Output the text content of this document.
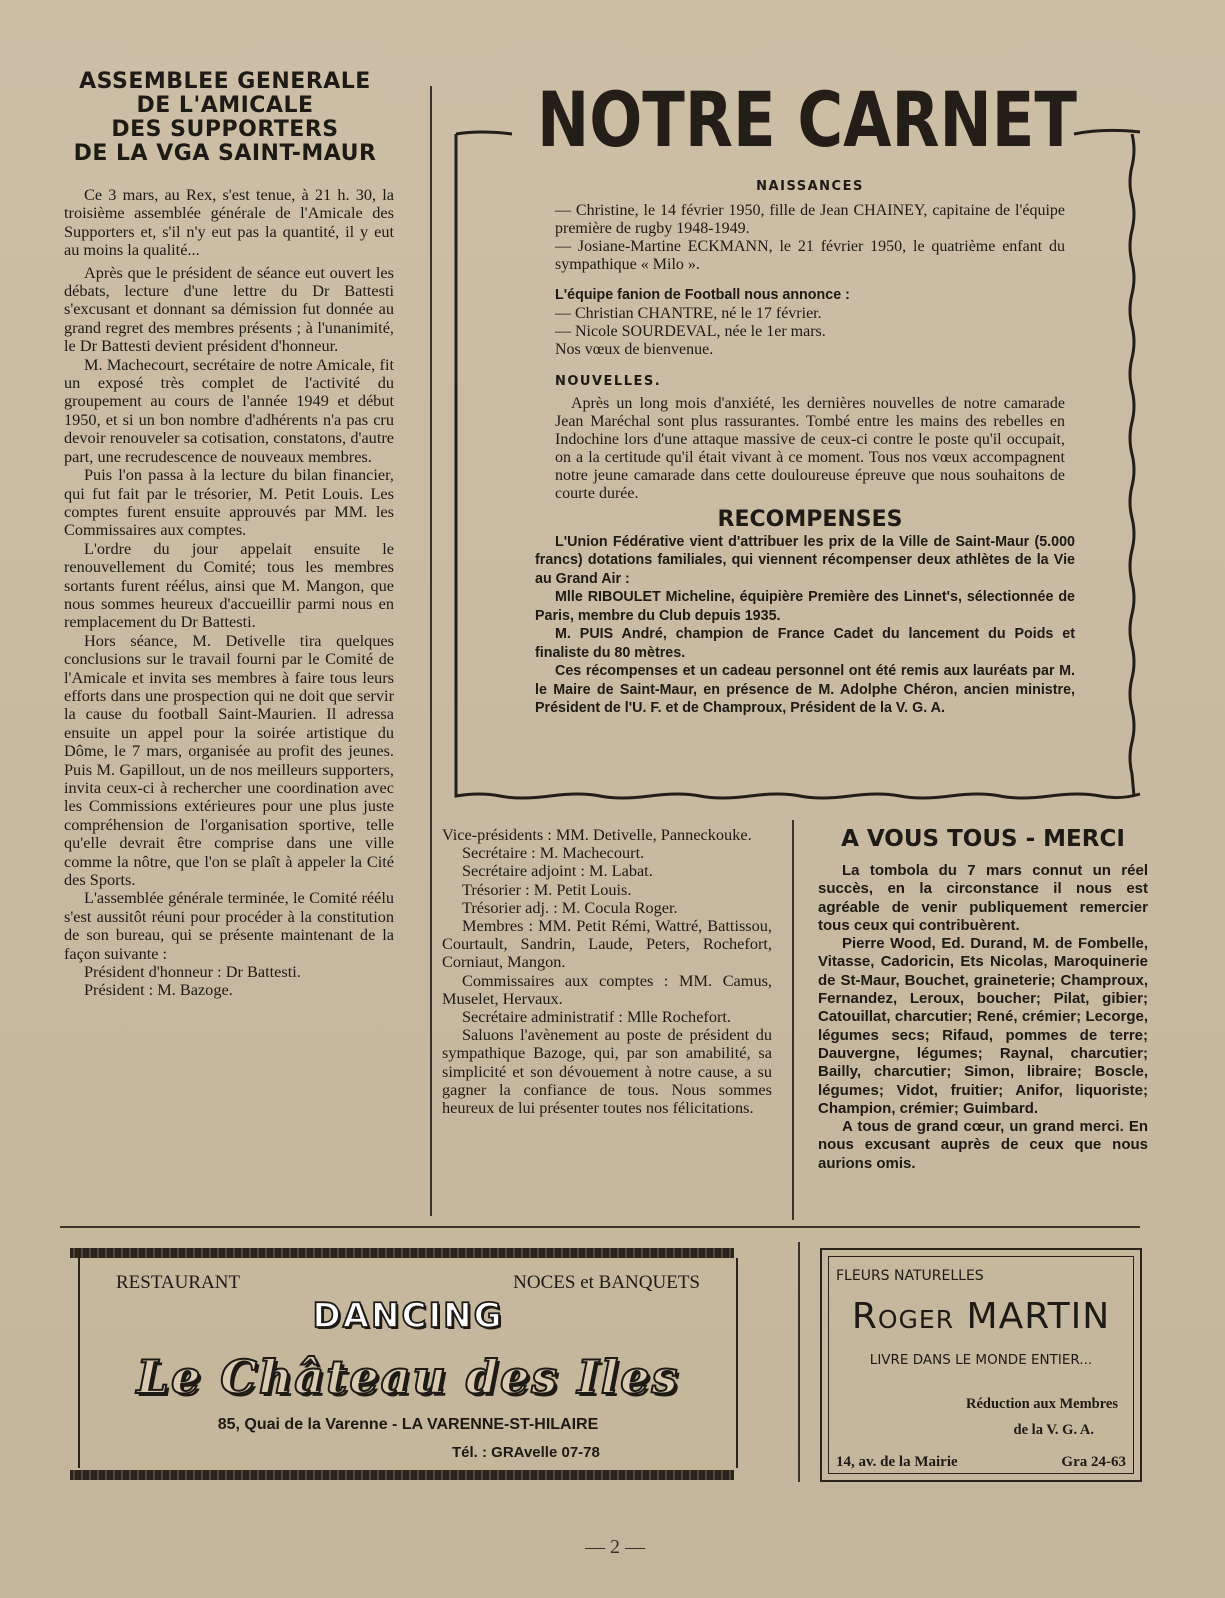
ASSEMBLEE GENERALE
DE L'AMICALE
DES SUPPORTERS
DE LA VGA SAINT-MAUR

Ce 3 mars, au Rex, s'est tenue, à 21 h. 30, la troisième assemblée générale de l'Amicale des Supporters et, s'il n'y eut pas la quantité, il y eut au moins la qualité...

Après que le président de séance eut ouvert les débats, lecture d'une lettre du Dr Battesti s'excusant et donnant sa démission fut donnée au grand regret des membres présents ; à l'unanimité, le Dr Battesti devient président d'honneur.

M. Machecourt, secrétaire de notre Amicale, fit un exposé très complet de l'activité du groupement au cours de l'année 1949 et début 1950, et si un bon nombre d'adhérents n'a pas cru devoir renouveler sa cotisation, constatons, d'autre part, une recrudescence de nouveaux membres.

Puis l'on passa à la lecture du bilan financier, qui fut fait par le trésorier, M. Petit Louis. Les comptes furent ensuite approuvés par MM. les Commissaires aux comptes.

L'ordre du jour appelait ensuite le renouvellement du Comité; tous les membres sortants furent réélus, ainsi que M. Mangon, que nous sommes heureux d'accueillir parmi nous en remplacement du Dr Battesti.

Hors séance, M. Detivelle tira quelques conclusions sur le travail fourni par le Comité de l'Amicale et invita ses membres à faire tous leurs efforts dans une prospection qui ne doit que servir la cause du football Saint-Maurien. Il adressa ensuite un appel pour la soirée artistique du Dôme, le 7 mars, organisée au profit des jeunes. Puis M. Gapillout, un de nos meilleurs supporters, invita ceux-ci à rechercher une coordination avec les Commissions extérieures pour une plus juste compréhension de l'organisation sportive, telle qu'elle devrait être comprise dans une ville comme la nôtre, que l'on se plaît à appeler la Cité des Sports.

L'assemblée générale terminée, le Comité réélu s'est aussitôt réuni pour procéder à la constitution de son bureau, qui se présente maintenant de la façon suivante :

Président d'honneur : Dr Battesti.

Président : M. Bazoge.

NOTRE CARNET
NAISSANCES

— Christine, le 14 février 1950, fille de Jean CHAINEY, capitaine de l'équipe première de rugby 1948-1949.

— Josiane-Martine ECKMANN, le 21 février 1950, le quatrième enfant du sympathique « Milo ».

L'équipe fanion de Football nous annonce :

— Christian CHANTRE, né le 17 février.

— Nicole SOURDEVAL, née le 1er mars.

Nos vœux de bienvenue.

NOUVELLES.

Après un long mois d'anxiété, les dernières nouvelles de notre camarade Jean Maréchal sont plus rassurantes. Tombé entre les mains des rebelles en Indochine lors d'une attaque massive de ceux-ci contre le poste qu'il occupait, on a la certitude qu'il était vivant à ce moment. Tous nos vœux accompagnent notre jeune camarade dans cette douloureuse épreuve que nous souhaitons de courte durée.

RECOMPENSES

L'Union Fédérative vient d'attribuer les prix de la Ville de Saint-Maur (5.000 francs) dotations familiales, qui viennent récompenser deux athlètes de la Vie au Grand Air :

Mlle RIBOULET Micheline, équipière Première des Linnet's, sélectionnée de Paris, membre du Club depuis 1935.

M. PUIS André, champion de France Cadet du lancement du Poids et finaliste du 80 mètres.

Ces récompenses et un cadeau personnel ont été remis aux lauréats par M. le Maire de Saint-Maur, en présence de M. Adolphe Chéron, ancien ministre, Président de l'U. F. et de Champroux, Président de la V. G. A.

Vice-présidents : MM. Detivelle, Panneckouke.

Secrétaire : M. Machecourt.

Secrétaire adjoint : M. Labat.

Trésorier : M. Petit Louis.

Trésorier adj. : M. Cocula Roger.

Membres : MM. Petit Rémi, Wattré, Battissou, Courtault, Sandrin, Laude, Peters, Rochefort, Corniaut, Mangon.

Commissaires aux comptes : MM. Camus, Muselet, Hervaux.

Secrétaire administratif : Mlle Rochefort.

Saluons l'avènement au poste de président du sympathique Bazoge, qui, par son amabilité, sa simplicité et son dévouement à notre cause, a su gagner la confiance de tous. Nous sommes heureux de lui présenter toutes nos félicitations.

A VOUS TOUS - MERCI

La tombola du 7 mars connut un réel succès, en la circonstance il nous est agréable de venir publiquement remercier tous ceux qui contribuèrent.

Pierre Wood, Ed. Durand, M. de Fombelle, Vitasse, Cadoricin, Ets Nicolas, Maroquinerie de St-Maur, Bouchet, graineterie; Champroux, Fernandez, Leroux, boucher; Pilat, gibier; Catouillat, charcutier; René, crémier; Lecorge, légumes secs; Rifaud, pommes de terre; Dauvergne, légumes; Raynal, charcutier; Bailly, charcutier; Simon, libraire; Boscle, légumes; Vidot, fruitier; Anifor, liquoriste; Champion, crémier; Guimbard.

A tous de grand cœur, un grand merci. En nous excusant auprès de ceux que nous aurions omis.

RESTAURANT	NOCES et BANQUETS
DANCING
Le Château des Iles
85, Quai de la Varenne - LA VARENNE-ST-HILAIRE
Tél. : GRAvelle 07-78
FLEURS NATURELLES
Roger MARTIN
LIVRE DANS LE MONDE ENTIER...
Réduction aux Membres
de la V. G. A.
14, av. de la Mairie	Gra 24-63
— 2 —
